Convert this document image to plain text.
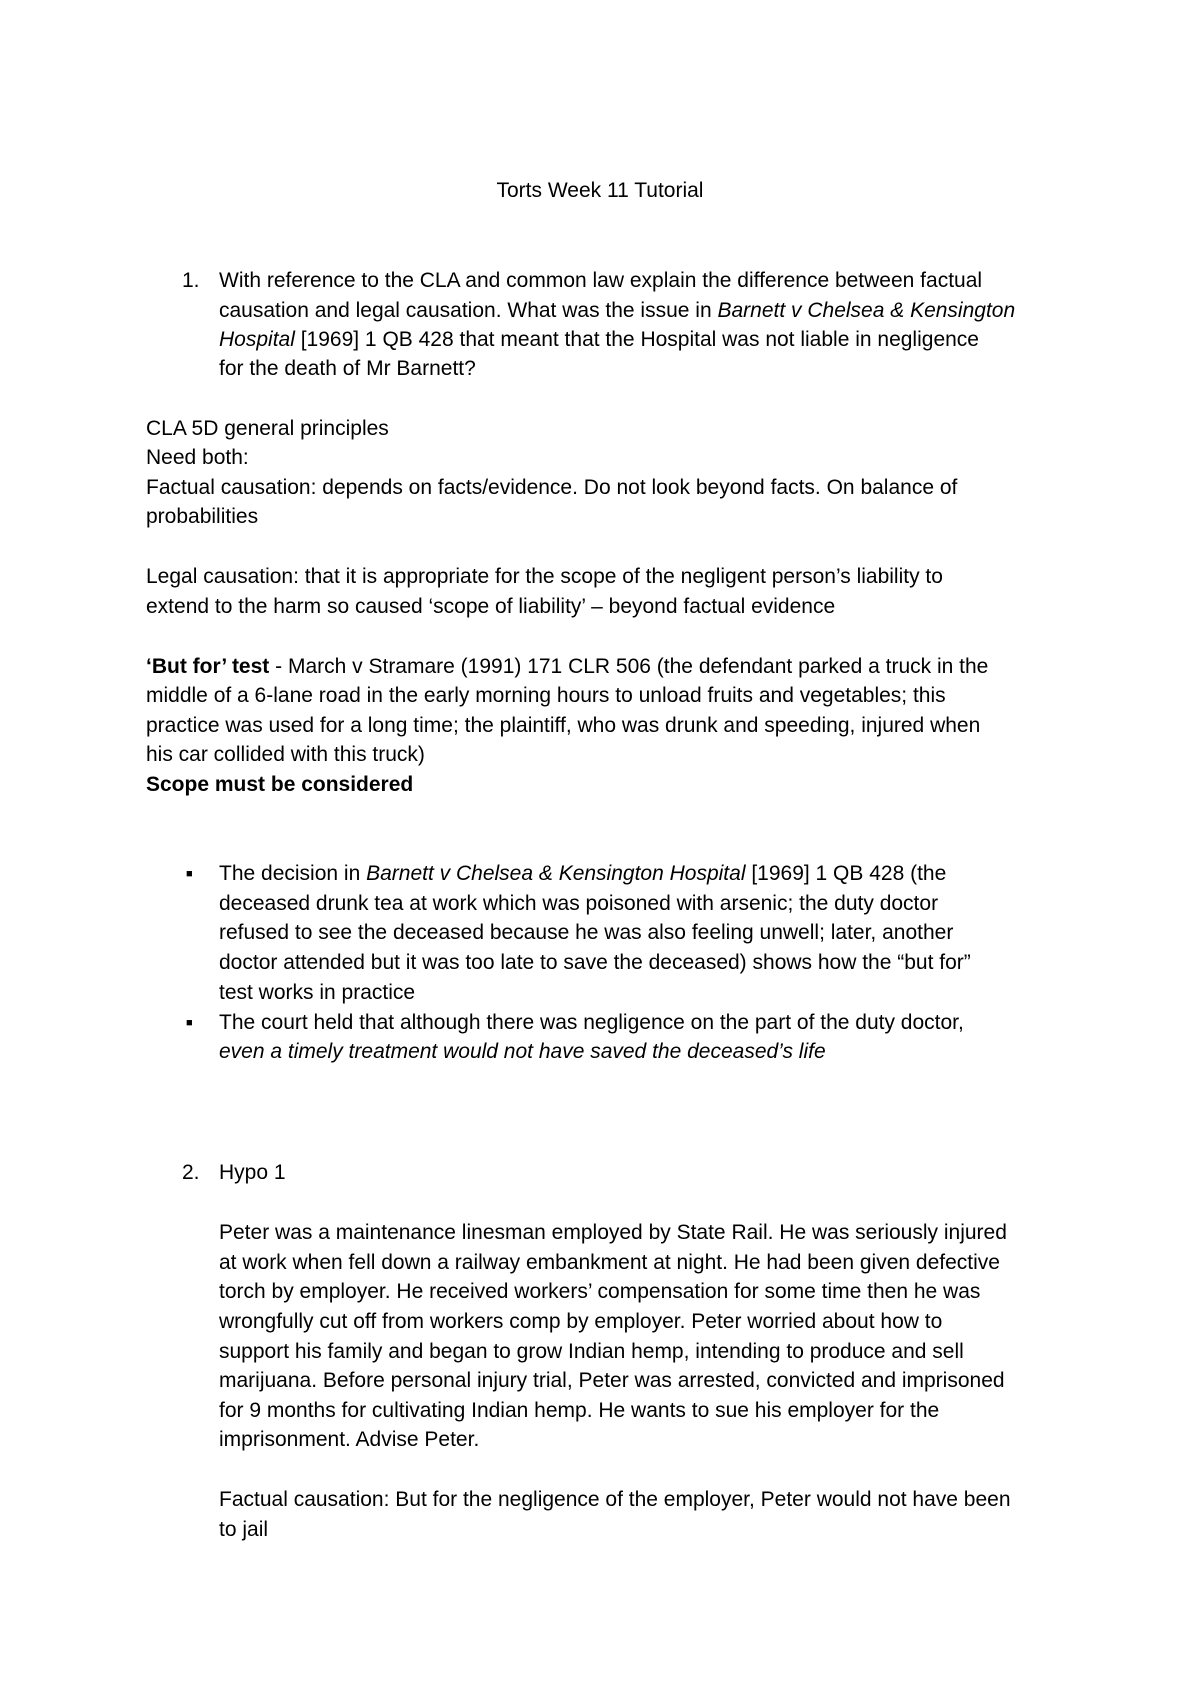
Torts Week 11 Tutorial
1. With reference to the CLA and common law explain the difference between factual
causation and legal causation. What was the issue in Barnett v Chelsea & Kensington
Hospital [1969] 1 QB 428 that meant that the Hospital was not liable in negligence
for the death of Mr Barnett?
CLA 5D general principles
Need both:
Factual causation: depends on facts/evidence. Do not look beyond facts. On balance of
probabilities
Legal causation: that it is appropriate for the scope of the negligent person’s liability to
extend to the harm so caused ‘scope of liability’ – beyond factual evidence
‘But for’ test - March v Stramare (1991) 171 CLR 506 (the defendant parked a truck in the
middle of a 6-lane road in the early morning hours to unload fruits and vegetables; this
practice was used for a long time; the plaintiff, who was drunk and speeding, injured when
his car collided with this truck)
Scope must be considered
■ The decision in Barnett v Chelsea & Kensington Hospital [1969] 1 QB 428 (the
deceased drunk tea at work which was poisoned with arsenic; the duty doctor
refused to see the deceased because he was also feeling unwell; later, another
doctor attended but it was too late to save the deceased) shows how the “but for”
test works in practice
■ The court held that although there was negligence on the part of the duty doctor,
even a timely treatment would not have saved the deceased’s life
2. Hypo 1
Peter was a maintenance linesman employed by State Rail. He was seriously injured
at work when fell down a railway embankment at night. He had been given defective
torch by employer. He received workers’ compensation for some time then he was
wrongfully cut off from workers comp by employer. Peter worried about how to
support his family and began to grow Indian hemp, intending to produce and sell
marijuana. Before personal injury trial, Peter was arrested, convicted and imprisoned
for 9 months for cultivating Indian hemp. He wants to sue his employer for the
imprisonment. Advise Peter.
Factual causation: But for the negligence of the employer, Peter would not have been
to jail
